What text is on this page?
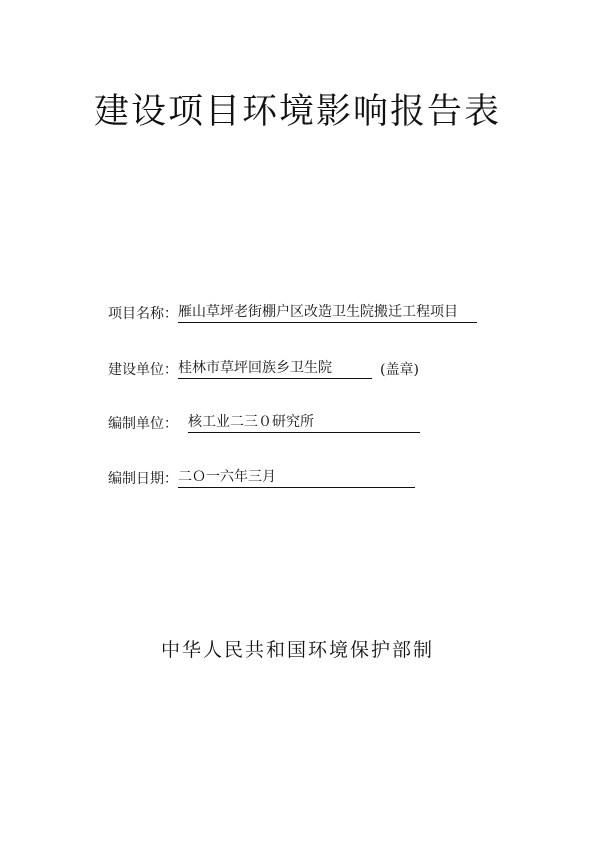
建设项目环境影响报告表
项目名称： 雁山草坪老街棚户区改造卫生院搬迁工程项目
建设单位： 桂林市草坪回族乡卫生院	(盖章)
编制单位： 核工业二三０研究所
编制日期： 二Ｏ一六年三月
中华人民共和国环境保护部制
